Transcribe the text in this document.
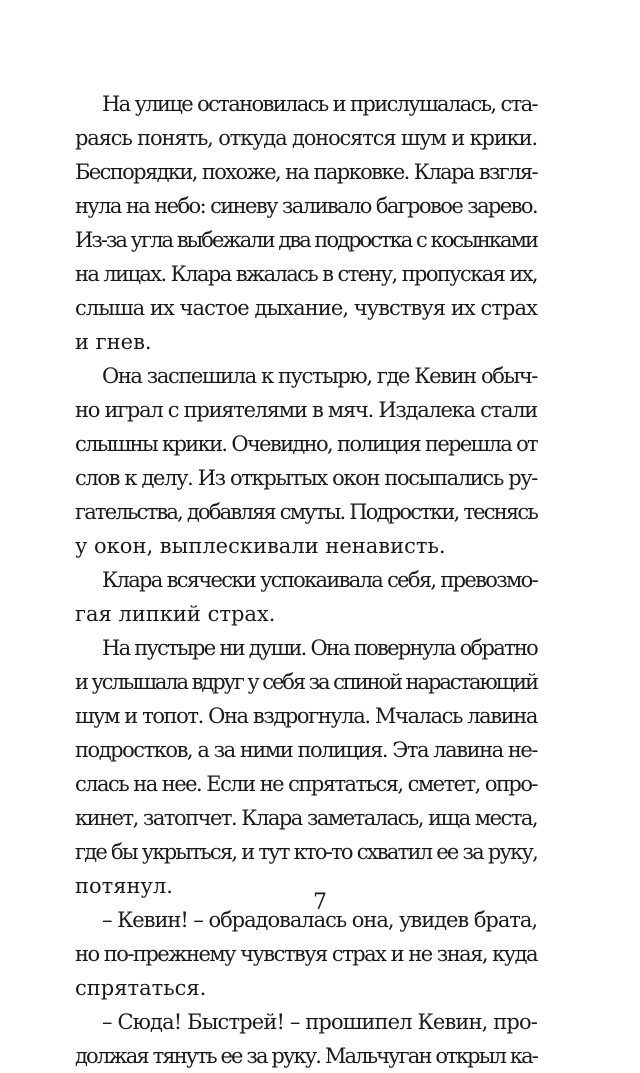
На улице остановилась и прислушалась, ста-
раясь понять, откуда доносятся шум и крики.
Беспорядки, похоже, на парковке. Клара взгля-
нула на небо: синеву заливало багровое зарево.
Из-за угла выбежали два подростка с косынками
на лицах. Клара вжалась в стену, пропуская их,
слыша их частое дыхание, чувствуя их страх
и гнев.
Она заспешила к пустырю, где Кевин обыч-
но играл с приятелями в мяч. Издалека стали
слышны крики. Очевидно, полиция перешла от
слов к делу. Из открытых окон посыпались ру-
гательства, добавляя смуты. Подростки, теснясь
у окон, выплескивали ненависть.
Клара всячески успокаивала себя, превозмо-
гая липкий страх.
На пустыре ни души. Она повернула обратно
и услышала вдруг у себя за спиной нарастающий
шум и топот. Она вздрогнула. Мчалась лавина
подростков, а за ними полиция. Эта лавина не-
слась на нее. Если не спрятаться, сметет, опро-
кинет, затопчет. Клара заметалась, ища места,
где бы укрыться, и тут кто-то схватил ее за руку,
потянул.
– Кевин! – обрадовалась она, увидев брата,
но по-прежнему чувствуя страх и не зная, куда
спрятаться.
– Сюда! Быстрей! – прошипел Кевин, про-
должая тянуть ее за руку. Мальчуган открыл ка-
7
